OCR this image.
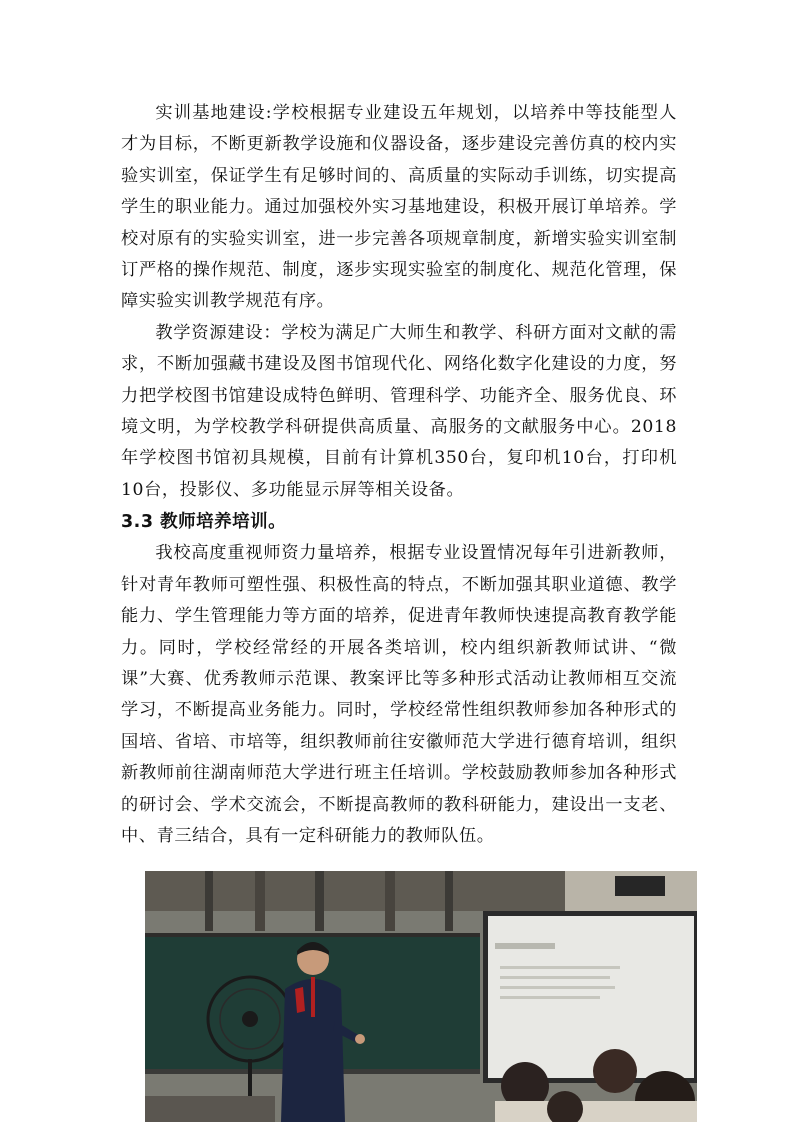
实训基地建设:学校根据专业建设五年规划，以培养中等技能型人才为目标，不断更新教学设施和仪器设备，逐步建设完善仿真的校内实验实训室，保证学生有足够时间的、高质量的实际动手训练，切实提高学生的职业能力。通过加强校外实习基地建设，积极开展订单培养。学校对原有的实验实训室，进一步完善各项规章制度，新增实验实训室制订严格的操作规范、制度，逐步实现实验室的制度化、规范化管理，保障实验实训教学规范有序。

教学资源建设：学校为满足广大师生和教学、科研方面对文献的需求，不断加强藏书建设及图书馆现代化、网络化数字化建设的力度，努力把学校图书馆建设成特色鲜明、管理科学、功能齐全、服务优良、环境文明，为学校教学科研提供高质量、高服务的文献服务中心。2018年学校图书馆初具规模，目前有计算机350台，复印机10台，打印机10台，投影仪、多功能显示屏等相关设备。

3.3 教师培养培训。

我校高度重视师资力量培养，根据专业设置情况每年引进新教师，针对青年教师可塑性强、积极性高的特点，不断加强其职业道德、教学能力、学生管理能力等方面的培养，促进青年教师快速提高教育教学能力。同时，学校经常经的开展各类培训，校内组织新教师试讲、“微课”大赛、优秀教师示范课、教案评比等多种形式活动让教师相互交流学习，不断提高业务能力。同时，学校经常性组织教师参加各种形式的国培、省培、市培等，组织教师前往安徽师范大学进行德育培训，组织新教师前往湖南师范大学进行班主任培训。学校鼓励教师参加各种形式的研讨会、学术交流会，不断提高教师的教科研能力，建设出一支老、中、青三结合，具有一定科研能力的教师队伍。
